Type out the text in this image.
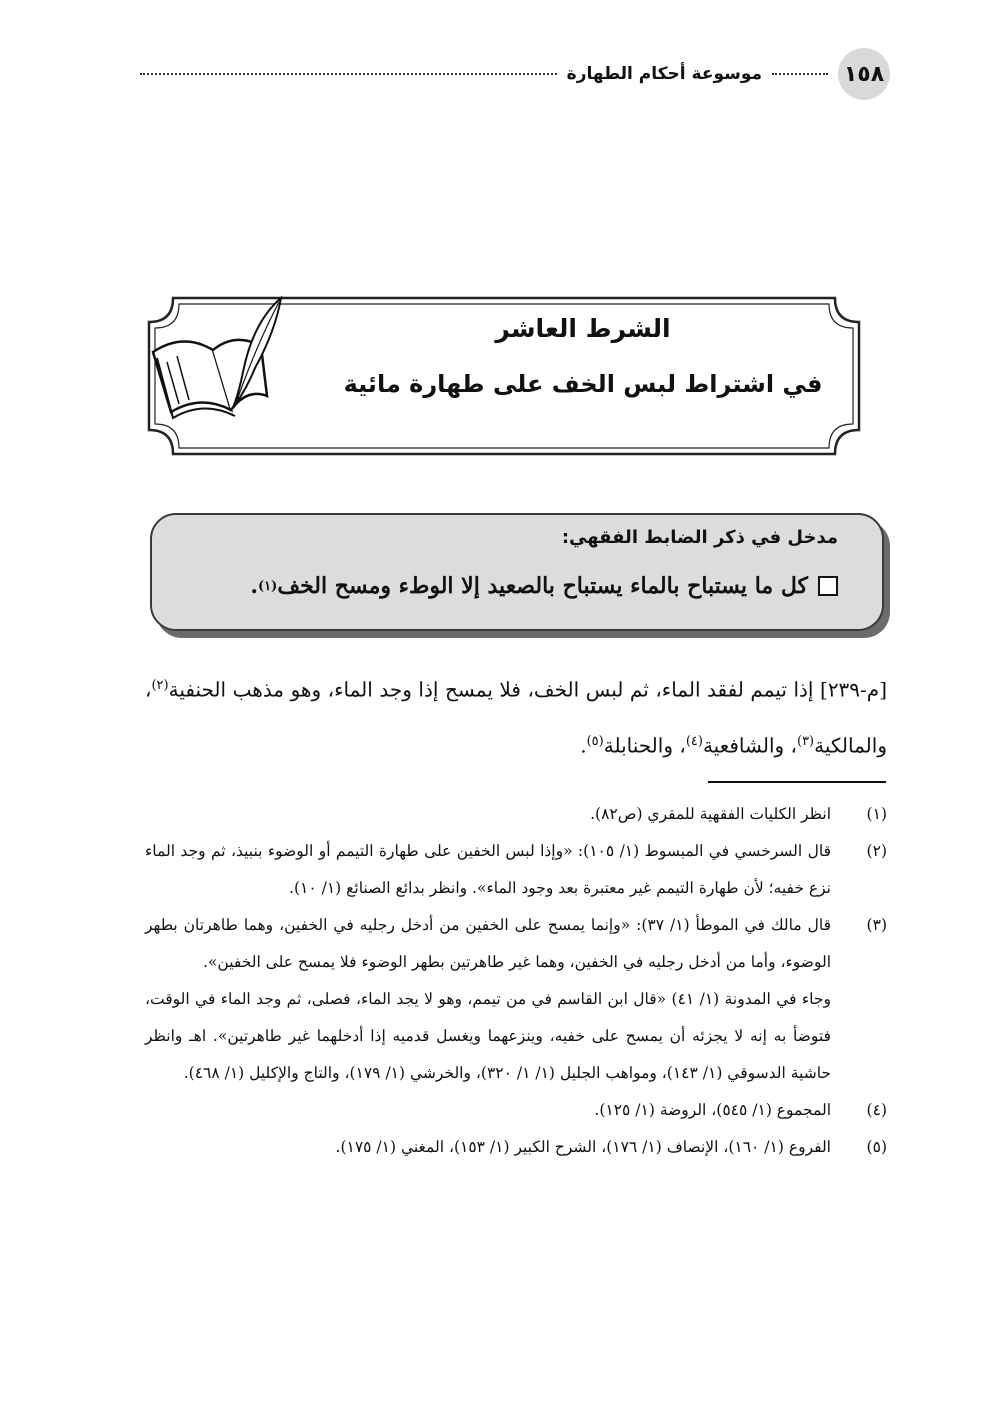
١٥٨
موسوعة أحكام الطهارة
الشرط العاشر
في اشتراط لبس الخف على طهارة مائية
مدخل في ذكر الضابط الفقهي:
كل ما يستباح بالماء يستباح بالصعيد إلا الوطء ومسح الخف
(١)
.
[م-٢٣٩] إذا تيمم لفقد الماء، ثم لبس الخف، فلا يمسح إذا وجد الماء، وهو مذهب الحنفية$^{(٢)}$، والمالكية$^{(٣)}$، والشافعية$^{(٤)}$، والحنابلة$^{(٥)}$.
(١)

انظر الكليات الفقهية للمقري (ص٨٢).

(٢)

قال السرخسي في المبسوط (١/ ١٠٥): «وإذا لبس الخفين على طهارة التيمم أو الوضوء بنبيذ، ثم وجد الماء نزع خفيه؛ لأن طهارة التيمم غير معتبرة بعد وجود الماء». وانظر بدائع الصنائع (١/ ١٠).

(٣)

قال مالك في الموطأ (١/ ٣٧): «وإنما يمسح على الخفين من أدخل رجليه في الخفين، وهما طاهرتان بطهر الوضوء، وأما من أدخل رجليه في الخفين، وهما غير طاهرتين بطهر الوضوء فلا يمسح على الخفين».

وجاء في المدونة (١/ ٤١) «قال ابن القاسم في من تيمم، وهو لا يجد الماء، فصلى، ثم وجد الماء في الوقت، فتوضأ به إنه لا يجزئه أن يمسح على خفيه، وينزعهما ويغسل قدميه إذا أدخلهما غير طاهرتين». اهـ وانظر حاشية الدسوقي (١/ ١٤٣)، ومواهب الجليل (١/ ١/ ٣٢٠)، والخرشي (١/ ١٧٩)، والتاج والإكليل (١/ ٤٦٨).

(٤)

المجموع (١/ ٥٤٥)، الروضة (١/ ١٢٥).

(٥)

الفروع (١/ ١٦٠)، الإنصاف (١/ ١٧٦)، الشرح الكبير (١/ ١٥٣)، المغني (١/ ١٧٥).
